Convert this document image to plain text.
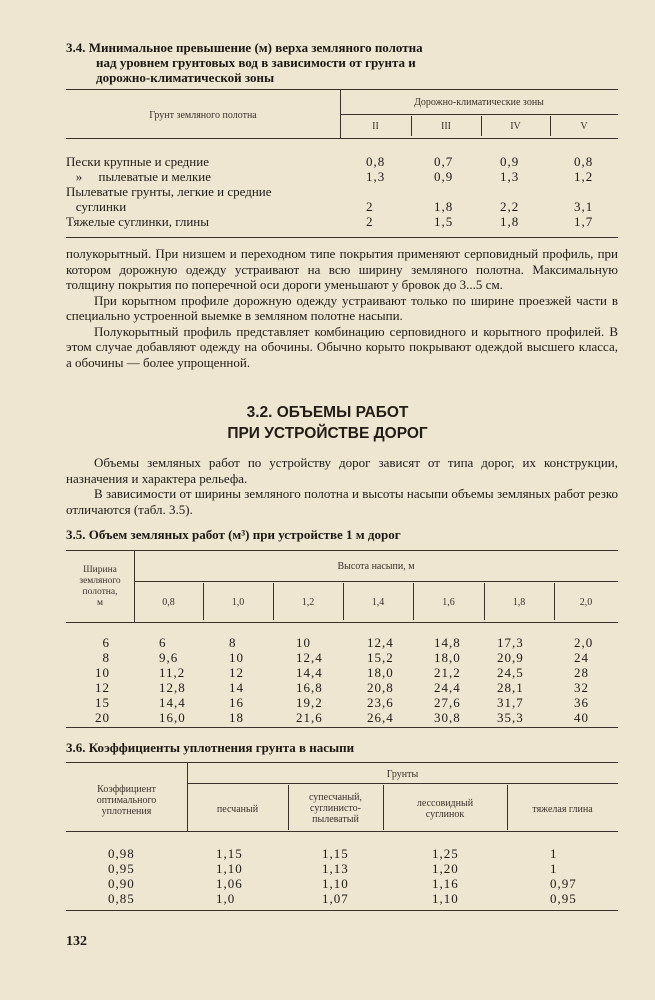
3.4. Минимальное превышение (м) верха земляного полотна
над уровнем грунтовых вод в зависимости от грунта и
дорожно-климатической зоны
Грунт земляного полотна
Дорожно-климатические зоны
II	III	IV	V
Пески крупные и средние	0,8	0,7	0,9	0,8
»     пылеватые и мелкие	1,3	0,9	1,3	1,2
Пылеватые грунты, легкие и средние
суглинки	2	1,8	2,2	3,1
Тяжелые суглинки, глины	2	1,5	1,8	1,7

полукорытный. При низшем и переходном типе покрытия применяют серповидный профиль, при котором дорожную одежду устраивают на всю ширину земляного полотна. Максимальную толщину покрытия по поперечной оси дороги уменьшают у бровок до 3...5 см.

При корытном профиле дорожную одежду устраивают только по ширине проезжей части в специально устроенной выемке в земляном полотне насыпи.

Полукорытный профиль представляет комбинацию серповидного и корытного профилей. В этом случае добавляют одежду на обочины. Обычно корыто покрывают одеждой высшего класса, а обочины — более упрощенной.

3.2. ОБЪЕМЫ РАБОТ
ПРИ УСТРОЙСТВЕ ДОРОГ

Объемы земляных работ по устройству дорог зависят от типа дорог, их конструкции, назначения и характера рельефа.

В зависимости от ширины земляного полотна и высоты насыпи объемы земляных работ резко отличаются (табл. 3.5).

3.5. Объем земляных работ (м³) при устройстве 1 м дорог
Ширина
земляного
полотна,
м
Высота насыпи, м
0,8	1,0	1,2	1,4	1,6	1,8	2,0
6	6	8	10	12,4	14,8	17,3	2,0
8	9,6	10	12,4	15,2	18,0	20,9	24
10	11,2	12	14,4	18,0	21,2	24,5	28
12	12,8	14	16,8	20,8	24,4	28,1	32
15	14,4	16	19,2	23,6	27,6	31,7	36
20	16,0	18	21,6	26,4	30,8	35,3	40
3.6. Коэффициенты уплотнения грунта в насыпи
Коэффициент
оптимального
уплотнения
Грунты
песчаный
супесчаный,
суглинисто-
пылеватый
лессовидный
суглинок	тяжелая глина
0,98	1,15	1,15	1,25	1
0,95	1,10	1,13	1,20	1
0,90	1,06	1,10	1,16	0,97
0,85	1,0	1,07	1,10	0,95
132
